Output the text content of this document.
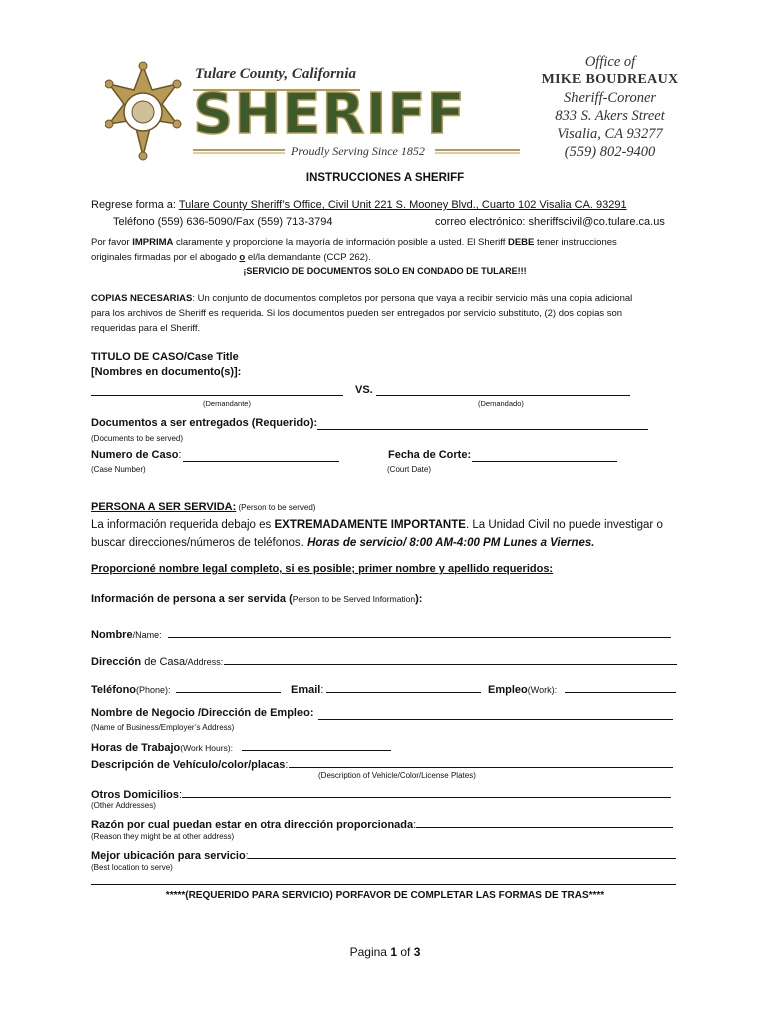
Tulare County, California
SHERIFF
Proudly Serving Since 1852
Office of
MIKE BOUDREAUX
Sheriff-Coroner
833 S. Akers Street
Visalia, CA 93277
(559) 802-9400
INSTRUCCIONES A SHERIFF
Regrese forma a: Tulare County Sheriff’s Office, Civil Unit 221 S. Mooney Blvd., Cuarto 102 Visalia CA. 93291
Teléfono (559) 636-5090/Fax (559) 713-3794	correo electrónico: sheriffscivil@co.tulare.ca.us
Por favor IMPRIMA claramente y proporcione la mayoría de información posible a usted. El Sheriff DEBE tener instrucciones
originales firmadas por el abogado o el/la demandante (CCP 262).
¡SERVICIO DE DOCUMENTOS SOLO EN CONDADO DE TULARE!!!
COPIAS NECESARIAS: Un conjunto de documentos completos por persona que vaya a recibir servicio más una copia adicional
para los archivos de Sheriff es requerida. Si los documentos pueden ser entregados por servicio substituto, (2) dos copias son
requeridas para el Sheriff.
TITULO DE CASO/Case Title
[Nombres en documento(s)]:
VS.
(Demandante)	(Demandado)
Documentos a ser entregados (Requerido):
(Documents to be served)
Numero de Caso:	Fecha de Corte:
(Case Number)	(Court Date)
PERSONA A SER SERVIDA: (Person to be served)
La información requerida debajo es EXTREMADAMENTE IMPORTANTE. La Unidad Civil no puede investigar o
buscar direcciones/números de teléfonos. Horas de servicio/ 8:00 AM-4:00 PM Lunes a Viernes.
Proporcioné nombre legal completo, si es posible; primer nombre y apellido requeridos:
Información de persona a ser servida (Person to be Served Information):
Nombre/Name:
Dirección de Casa/Address:
Teléfono(Phone):	Email:	Empleo(Work):
Nombre de Negocio /Dirección de Empleo:
(Name of Business/Employer’s Address)
Horas de Trabajo(Work Hours):
Descripción de Vehículo/color/placas:
(Description of Vehicle/Color/License Plates)
Otros Domicilios:
(Other Addresses)
Razón por cual puedan estar en otra dirección proporcionada:
(Reason they might be at other address)
Mejor ubicación para servicio:
(Best location to serve)
*****(REQUERIDO PARA SERVICIO) PORFAVOR DE COMPLETAR LAS FORMAS DE TRAS****
Pagina 1 of 3
